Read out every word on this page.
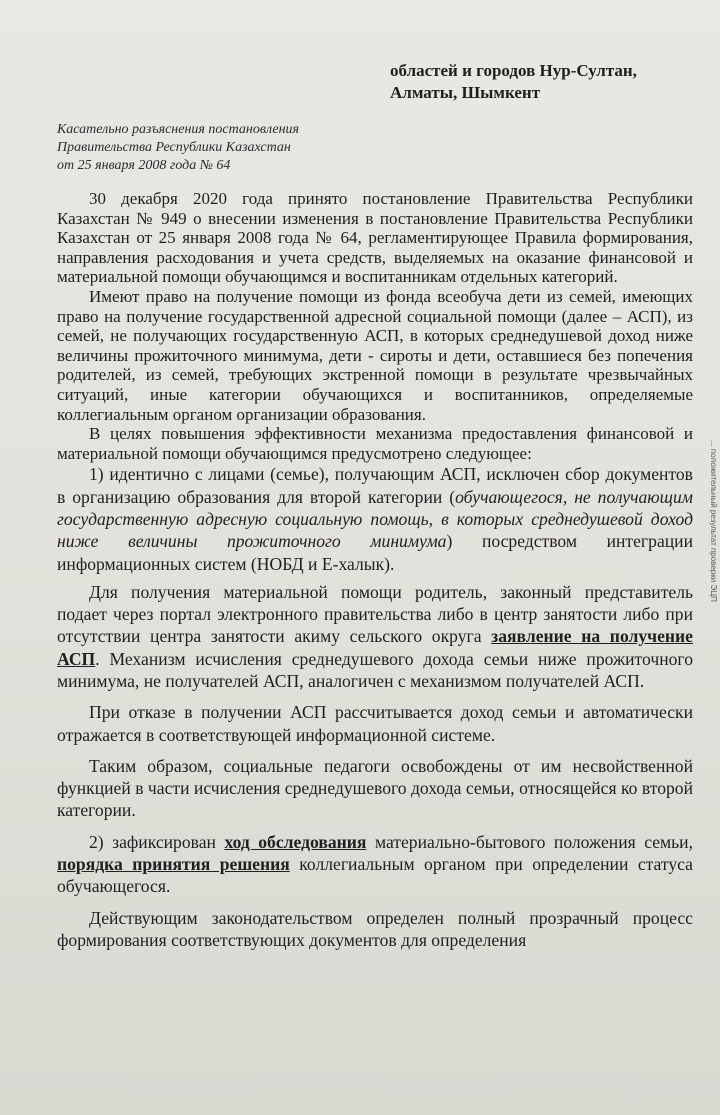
областей и городов Нур-Султан,
Алматы, Шымкент
Касательно разъяснения постановления
Правительства Республики Казахстан
от 25 января 2008 года № 64

30 декабря 2020 года принято постановление Правительства Республики Казахстан № 949 о внесении изменения в постановление Правительства Республики Казахстан от 25 января 2008 года № 64, регламентирующее Правила формирования, направления расходования и учета средств, выделяемых на оказание финансовой и материальной помощи обучающимся и воспитанникам отдельных категорий.

Имеют право на получение помощи из фонда всеобуча дети из семей, имеющих право на получение государственной адресной социальной помощи (далее – АСП), из семей, не получающих государственную АСП, в которых среднедушевой доход ниже величины прожиточного минимума, дети - сироты и дети, оставшиеся без попечения родителей, из семей, требующих экстренной помощи в результате чрезвычайных ситуаций, иные категории обучающихся и воспитанников, определяемые коллегиальным органом организации образования.

В целях повышения эффективности механизма предоставления финансовой и материальной помощи обучающимся предусмотрено следующее:

1) идентично с лицами (семье), получающим АСП, исключен сбор документов в организацию образования для второй категории (обучающегося, не получающим государственную адресную социальную помощь, в которых среднедушевой доход ниже величины прожиточного минимума) посредством интеграции информационных систем (НОБД и Е-халык).

Для получения материальной помощи родитель, законный представитель подает через портал электронного правительства либо в центр занятости либо при отсутствии центра занятости акиму сельского округа заявление на получение АСП. Механизм исчисления среднедушевого дохода семьи ниже прожиточного минимума, не получателей АСП, аналогичен с механизмом получателей АСП.

При отказе в получении АСП рассчитывается доход семьи и автоматически отражается в соответствующей информационной системе.

Таким образом, социальные педагоги освобождены от им несвойственной функцией в части исчисления среднедушевого дохода семьи, относящейся ко второй категории.

2) зафиксирован ход обследования материально-бытового положения семьи, порядка принятия решения коллегиальным органом при определении статуса обучающегося.

Действующим законодательством определен полный прозрачный процесс формирования соответствующих документов для определения

... положительный результат проверки ЭЦП
